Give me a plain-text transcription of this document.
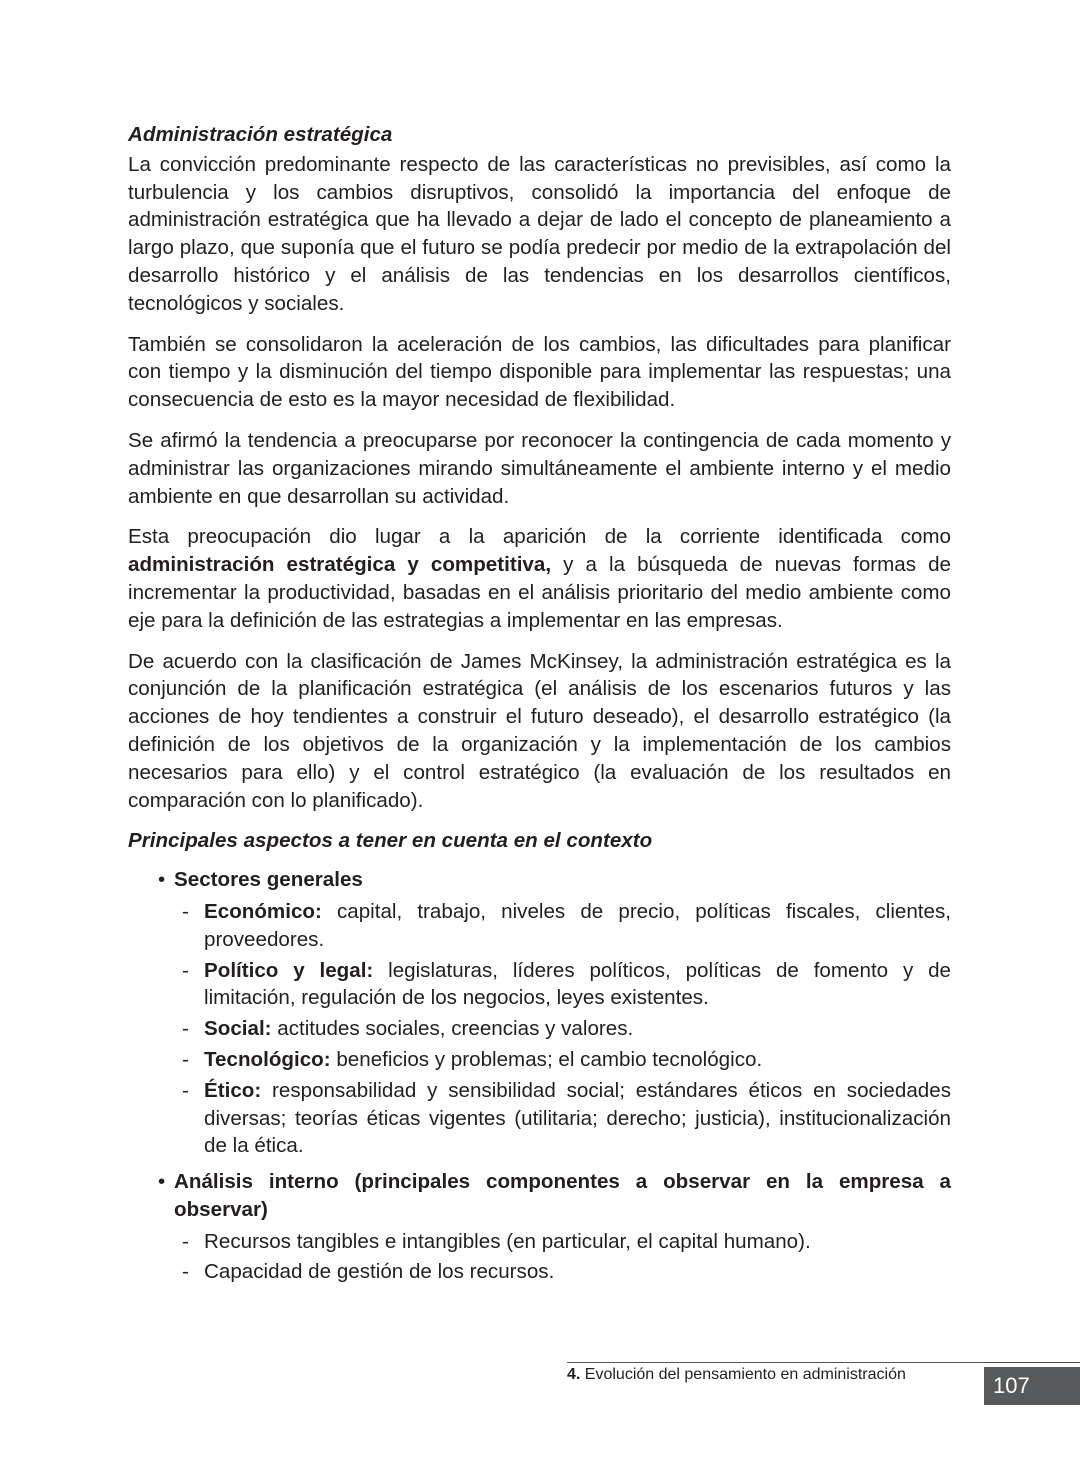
Administración estratégica

La convicción predominante respecto de las características no previsibles, así como la turbulencia y los cambios disruptivos, consolidó la importancia del enfoque de administración estratégica que ha llevado a dejar de lado el concepto de planeamiento a largo plazo, que suponía que el futuro se podía predecir por medio de la extrapolación del desarrollo histórico y el análisis de las tendencias en los desarrollos científicos, tecnológicos y sociales.

También se consolidaron la aceleración de los cambios, las dificultades para planificar con tiempo y la disminución del tiempo disponible para implementar las respuestas; una consecuencia de esto es la mayor necesidad de flexibilidad.

Se afirmó la tendencia a preocuparse por reconocer la contingencia de cada momento y administrar las organizaciones mirando simultáneamente el ambiente interno y el medio ambiente en que desarrollan su actividad.

Esta preocupación dio lugar a la aparición de la corriente identificada como administración estratégica y competitiva, y a la búsqueda de nuevas formas de incrementar la productividad, basadas en el análisis prioritario del medio ambiente como eje para la definición de las estrategias a implementar en las empresas.

De acuerdo con la clasificación de James McKinsey, la administración estratégica es la conjunción de la planificación estratégica (el análisis de los escenarios futuros y las acciones de hoy tendientes a construir el futuro deseado), el desarrollo estratégico (la definición de los objetivos de la organización y la implementación de los cambios necesarios para ello) y el control estratégico (la evaluación de los resultados en comparación con lo planificado).

Principales aspectos a tener en cuenta en el contexto
• Sectores generales
- Económico: capital, trabajo, niveles de precio, políticas fiscales, clientes, proveedores.
- Político y legal: legislaturas, líderes políticos, políticas de fomento y de limitación, regulación de los negocios, leyes existentes.
- Social: actitudes sociales, creencias y valores.
- Tecnológico: beneficios y problemas; el cambio tecnológico.
- Ético: responsabilidad y sensibilidad social; estándares éticos en sociedades diversas; teorías éticas vigentes (utilitaria; derecho; justicia), institucionalización de la ética.
• Análisis interno (principales componentes a observar en la empresa a observar)
- Recursos tangibles e intangibles (en particular, el capital humano).
- Capacidad de gestión de los recursos.
4. Evolución del pensamiento en administración	107
